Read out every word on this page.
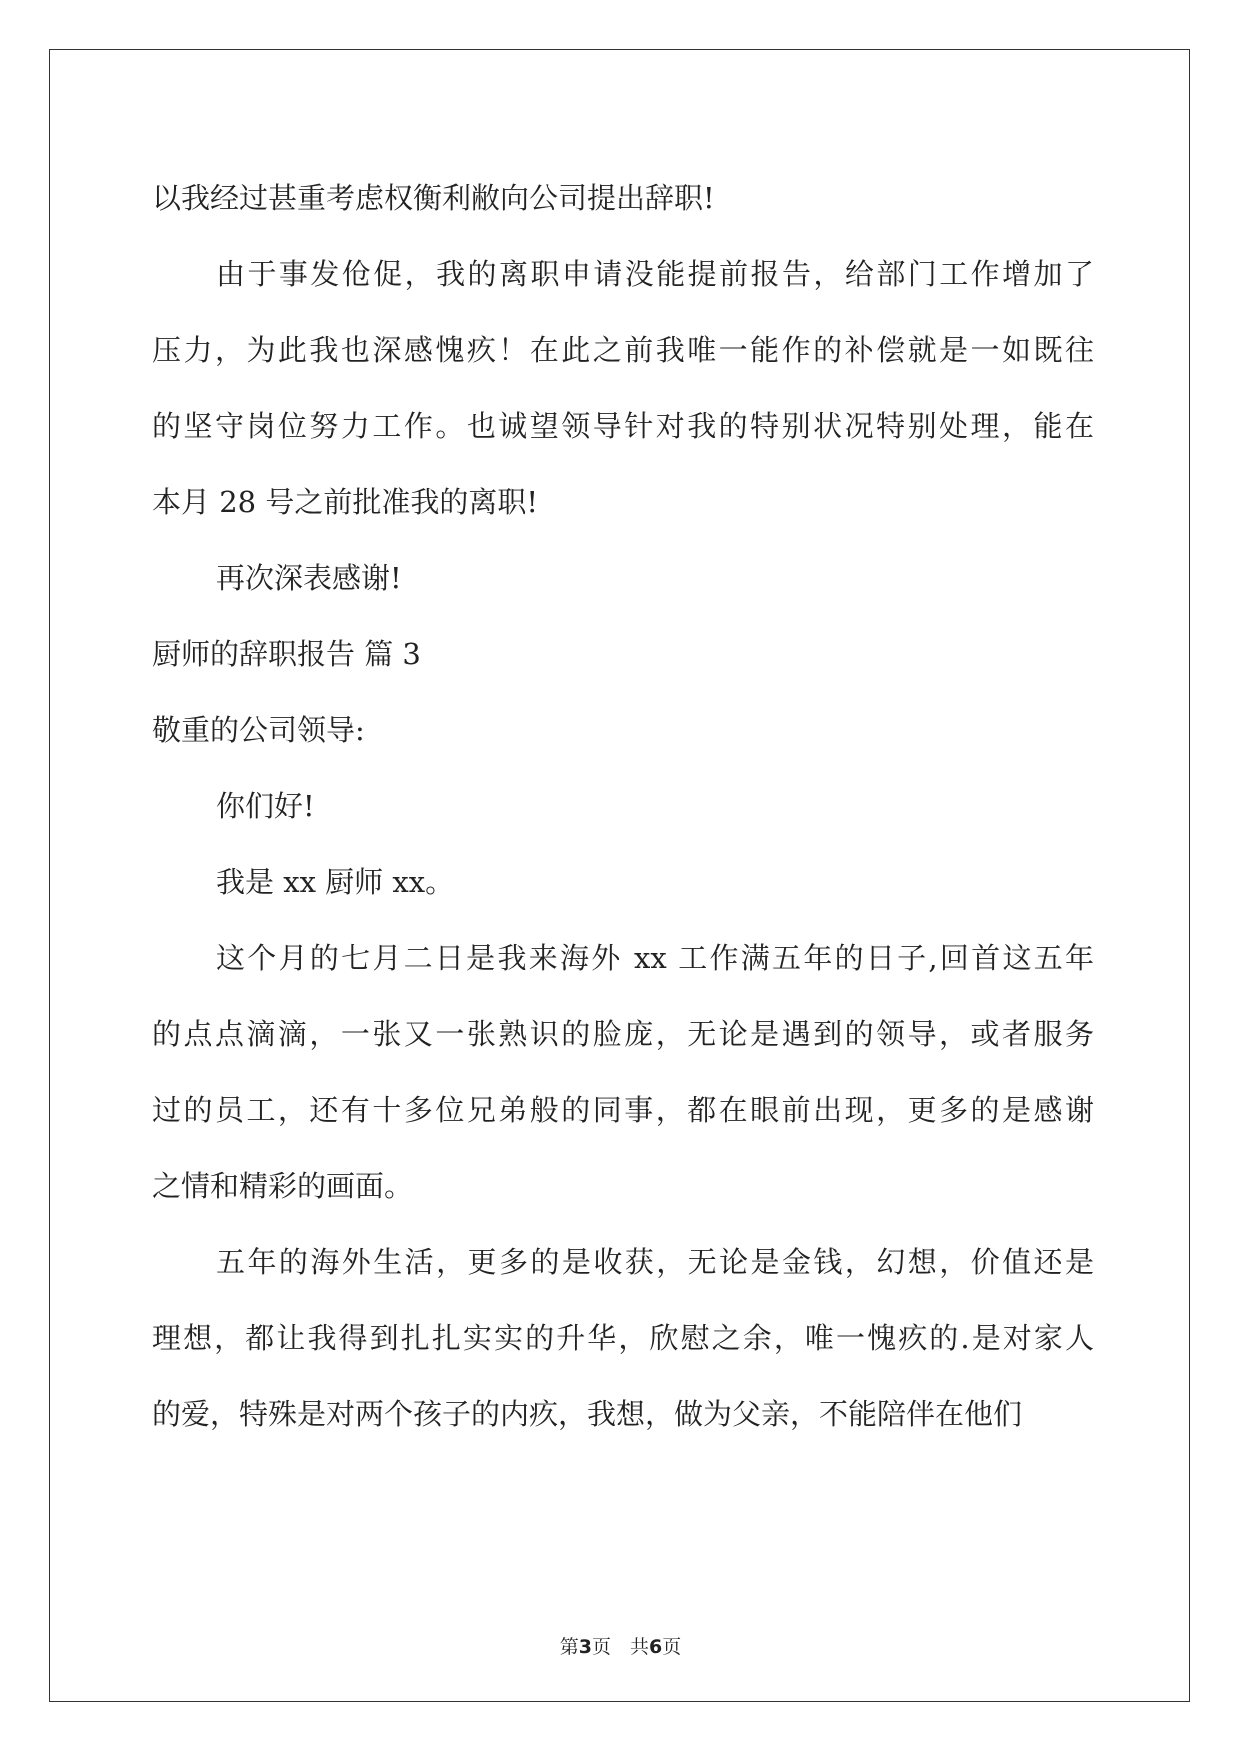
以我经过甚重考虑权衡利敝向公司提出辞职!

由于事发伧促，我的离职申请没能提前报告，给部门工作增加了
压力，为此我也深感愧疚！在此之前我唯一能作的补偿就是一如既往
的坚守岗位努力工作。也诚望领导针对我的特别状况特别处理，能在
本月 28 号之前批准我的离职!

再次深表感谢!

厨师的辞职报告 篇 3

敬重的公司领导:

你们好!

我是 xx 厨师 xx。

这个月的七月二日是我来海外 xx 工作满五年的日子,回首这五年
的点点滴滴，一张又一张熟识的脸庞，无论是遇到的领导，或者服务
过的员工，还有十多位兄弟般的同事，都在眼前出现，更多的是感谢
之情和精彩的画面。

五年的海外生活，更多的是收获，无论是金钱，幻想，价值还是
理想，都让我得到扎扎实实的升华，欣慰之余，唯一愧疚的.是对家人
的爱，特殊是对两个孩子的内疚，我想，做为父亲，不能陪伴在他们

第3页　共6页
